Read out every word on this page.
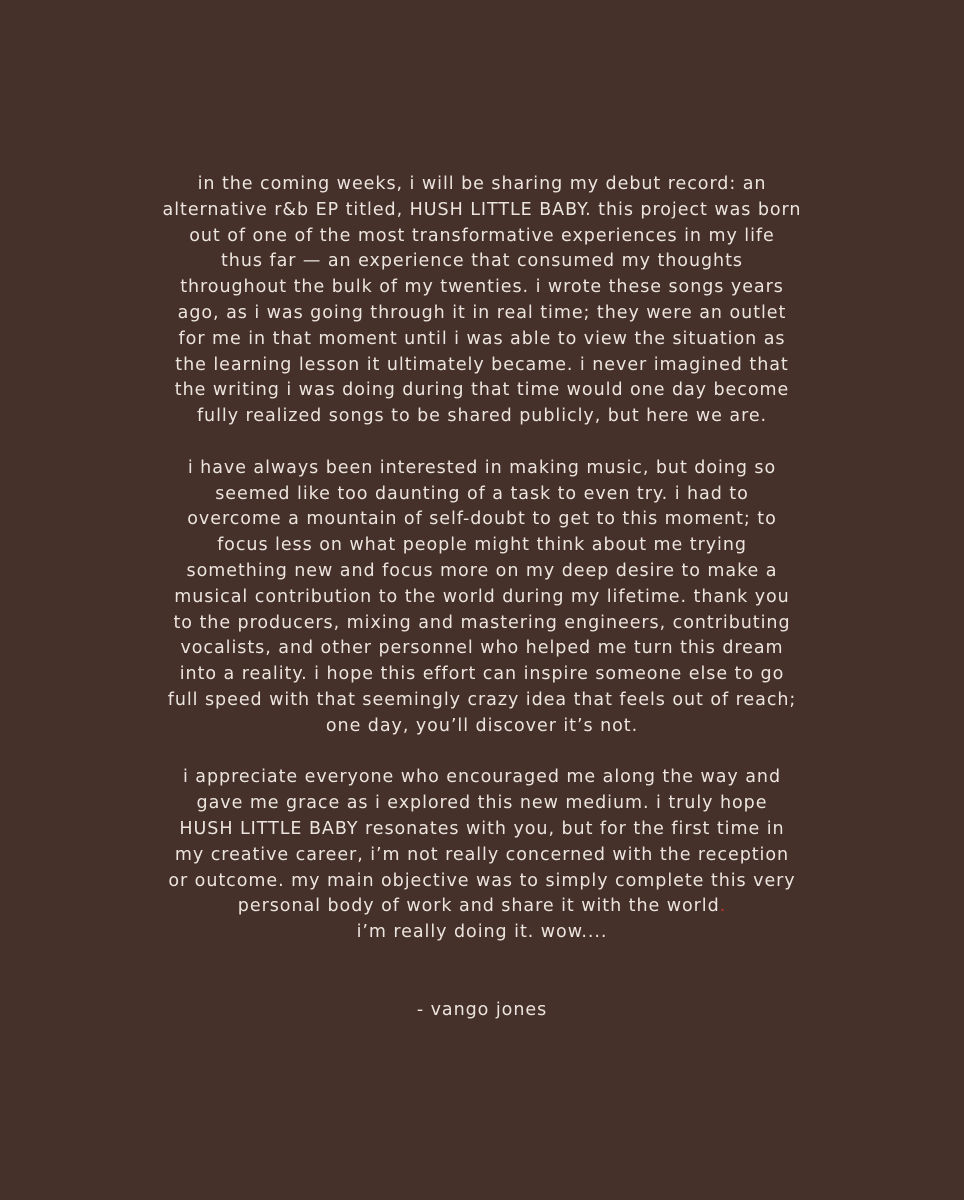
in the coming weeks, i will be sharing my debut record: an
alternative r&b EP titled, HUSH LITTLE BABY. this project was born
out of one of the most transformative experiences in my life
thus far — an experience that consumed my thoughts
throughout the bulk of my twenties. i wrote these songs years
ago, as i was going through it in real time; they were an outlet
for me in that moment until i was able to view the situation as
the learning lesson it ultimately became. i never imagined that
the writing i was doing during that time would one day become
fully realized songs to be shared publicly, but here we are.
i have always been interested in making music, but doing so
seemed like too daunting of a task to even try. i had to
overcome a mountain of self-doubt to get to this moment; to
focus less on what people might think about me trying
something new and focus more on my deep desire to make a
musical contribution to the world during my lifetime. thank you
to the producers, mixing and mastering engineers, contributing
vocalists, and other personnel who helped me turn this dream
into a reality. i hope this effort can inspire someone else to go
full speed with that seemingly crazy idea that feels out of reach;
one day, you’ll discover it’s not.
i appreciate everyone who encouraged me along the way and
gave me grace as i explored this new medium. i truly hope
HUSH LITTLE BABY resonates with you, but for the first time in
my creative career, i’m not really concerned with the reception
or outcome. my main objective was to simply complete this very
personal body of work and share it with the world.
i’m really doing it. wow....
- vango jones
